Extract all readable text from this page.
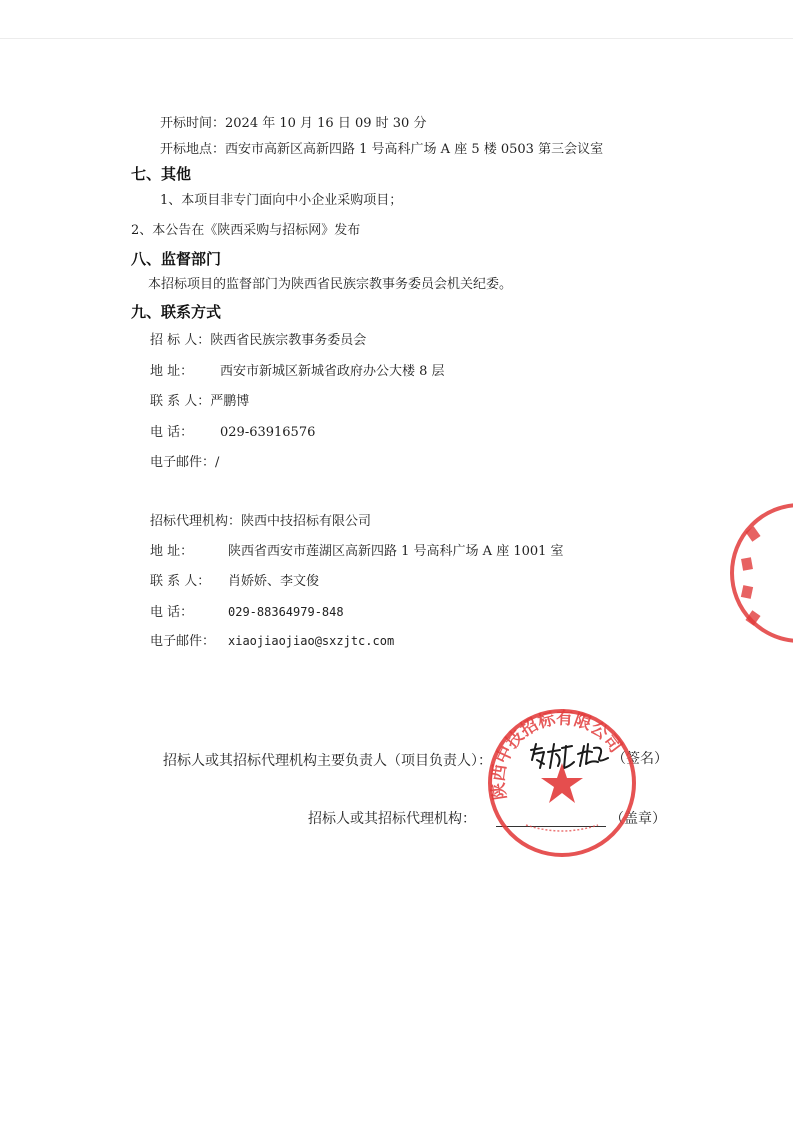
开标时间：2024 年 10 月 16 日 09 时 30 分
开标地点：西安市高新区高新四路 1 号高科广场 A 座 5 楼 0503 第三会议室
七、其他
1、本项目非专门面向中小企业采购项目；
2、本公告在《陕西采购与招标网》发布
八、监督部门
本招标项目的监督部门为陕西省民族宗教事务委员会机关纪委。
九、联系方式
招 标 人：陕西省民族宗教事务委员会
地 址： 西安市新城区新城省政府办公大楼 8 层
联 系 人：严鹏博
电 话： 029-63916576
电子邮件：/
招标代理机构：陕西中技招标有限公司
地 址：	陕西省西安市莲湖区高新四路 1 号高科广场 A 座 1001 室
联 系 人： 肖娇娇、李文俊
电 话：	029-88364979-848
电子邮件： xiaojiaojiao@sxzjtc.com
招标人或其招标代理机构主要负责人（项目负责人）：	（签名）
招标人或其招标代理机构：	（盖章）
陕西中技招标有限公司
